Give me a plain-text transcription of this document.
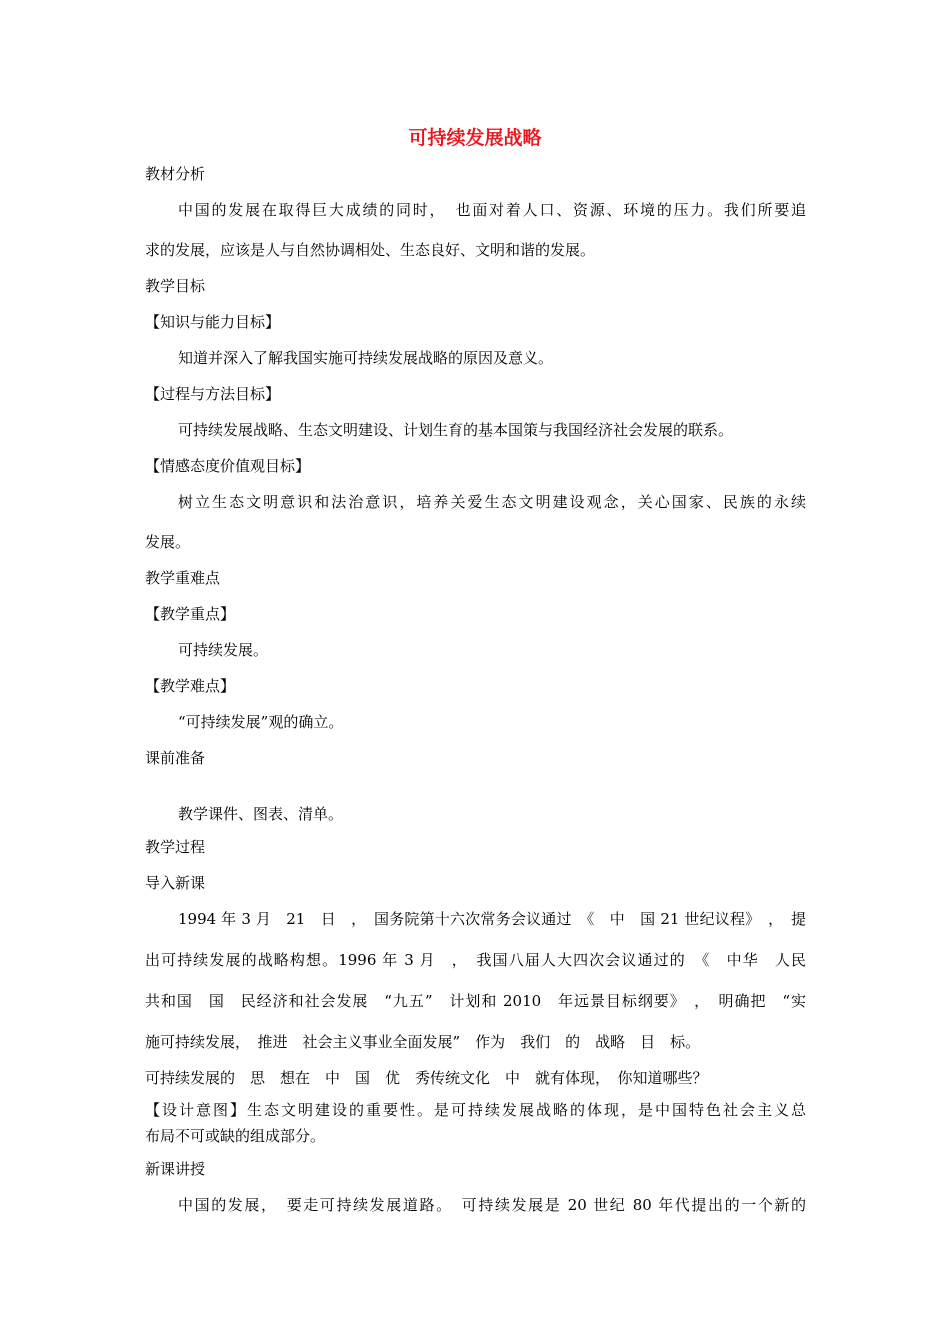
可持续发展战略
教材分析
中国的发展在取得巨大成绩的同时，　也面对着人口、资源、环境的压力。我们所要追
求的发展，应该是人与自然协调相处、生态良好、文明和谐的发展。
教学目标
【知识与能力目标】
知道并深入了解我国实施可持续发展战略的原因及意义。
【过程与方法目标】
可持续发展战略、生态文明建设、计划生育的基本国策与我国经济社会发展的联系。
【情感态度价值观目标】
树立生态文明意识和法治意识，培养关爱生态文明建设观念，关心国家、民族的永续
发展。
教学重难点
【教学重点】
可持续发展。
【教学难点】
“可持续发展”观的确立。
课前准备
教学课件、图表、清单。
教学过程
导入新课
1994 年 3 月　21　日　，　国务院第十六次常务会议通过　《　中　国 21 世纪议程》　，　提
出可持续发展的战略构想。1996 年 3 月　，　我国八届人大四次会议通过的　《　中华　人民
共和国　国　民经济和社会发展　“九五”　计划和 2010　年远景目标纲要》　，　明确把　“实
施可持续发展，　推进　社会主义事业全面发展”　作为　我们　的　战略　目　标。
可持续发展的　思　想在　中　国　优　秀传统文化　中　就有体现，　你知道哪些？
【设计意图】生态文明建设的重要性。是可持续发展战略的体现，是中国特色社会主义总
布局不可或缺的组成部分。
新课讲授
中国的发展，　要走可持续发展道路。　可持续发展是 20 世纪 80 年代提出的一个新的
